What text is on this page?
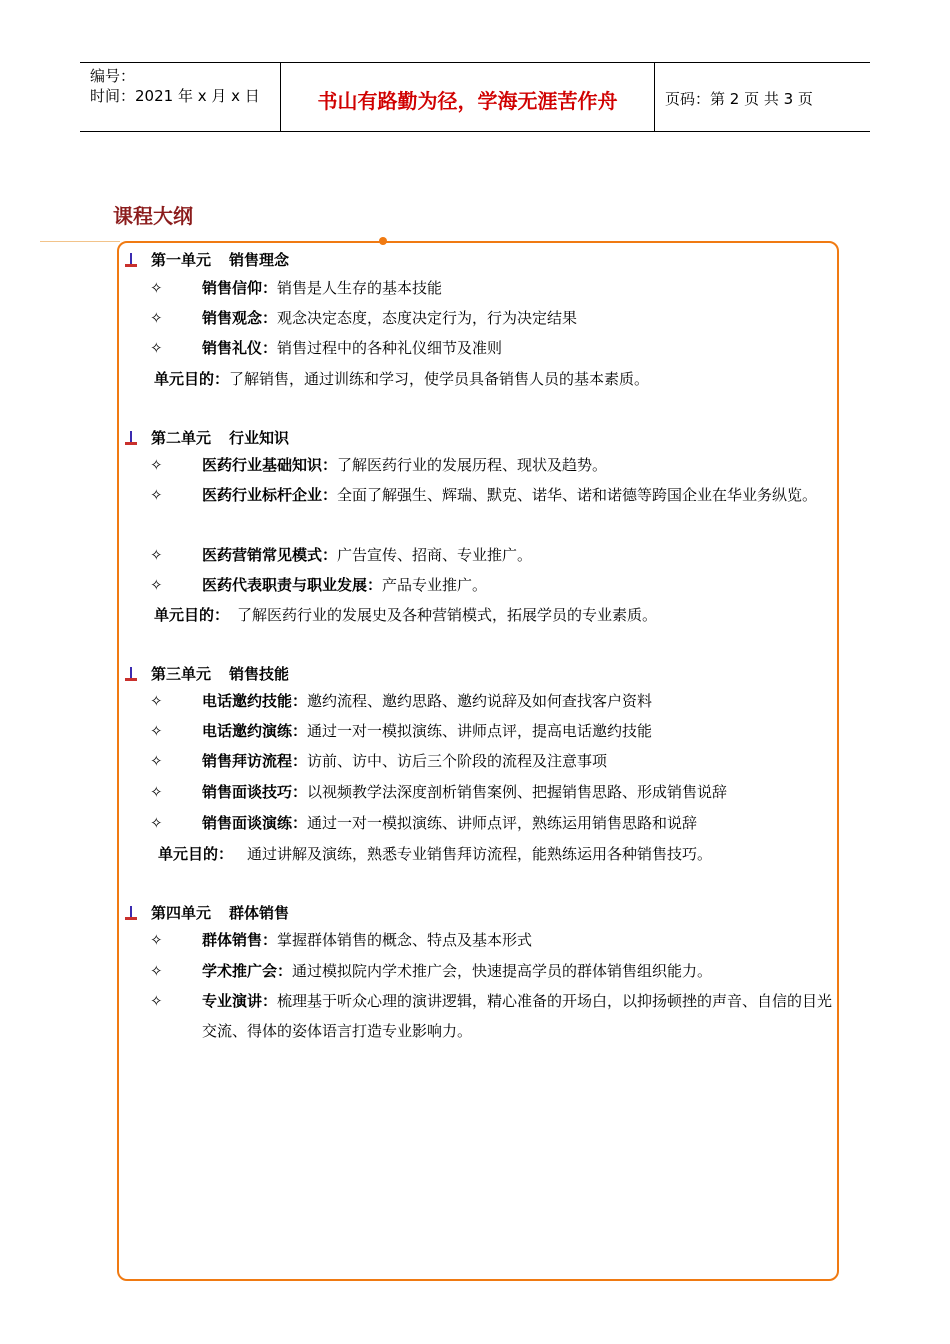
编号：
时间：2021 年 x 月 x 日	书山有路勤为径，学海无涯苦作舟	页码：第 2 页 共 3 页
课程大纲
第一单元 销售理念
✧	销售信仰：销售是人生存的基本技能
✧	销售观念：观念决定态度，态度决定行为，行为决定结果
✧	销售礼仪：销售过程中的各种礼仪细节及准则
单元目的：了解销售，通过训练和学习，使学员具备销售人员的基本素质。
第二单元 行业知识
✧	医药行业基础知识：了解医药行业的发展历程、现状及趋势。
✧	医药行业标杆企业：全面了解强生、辉瑞、默克、诺华、诺和诺德等跨国企业在华业务纵览。
✧	医药营销常见模式：广告宣传、招商、专业推广。
✧	医药代表职责与职业发展：产品专业推广。
单元目的： 了解医药行业的发展史及各种营销模式，拓展学员的专业素质。
第三单元 销售技能
✧	电话邀约技能：邀约流程、邀约思路、邀约说辞及如何查找客户资料
✧	电话邀约演练：通过一对一模拟演练、讲师点评，提高电话邀约技能
✧	销售拜访流程：访前、访中、访后三个阶段的流程及注意事项
✧	销售面谈技巧：以视频教学法深度剖析销售案例、把握销售思路、形成销售说辞
✧	销售面谈演练：通过一对一模拟演练、讲师点评，熟练运用销售思路和说辞
单元目的： 通过讲解及演练，熟悉专业销售拜访流程，能熟练运用各种销售技巧。
第四单元 群体销售
✧	群体销售：掌握群体销售的概念、特点及基本形式
✧	学术推广会：通过模拟院内学术推广会，快速提高学员的群体销售组织能力。
✧	专业演讲：梳理基于听众心理的演讲逻辑，精心准备的开场白，以抑扬顿挫的声音、自信的目光交流、得体的姿体语言打造专业影响力。
